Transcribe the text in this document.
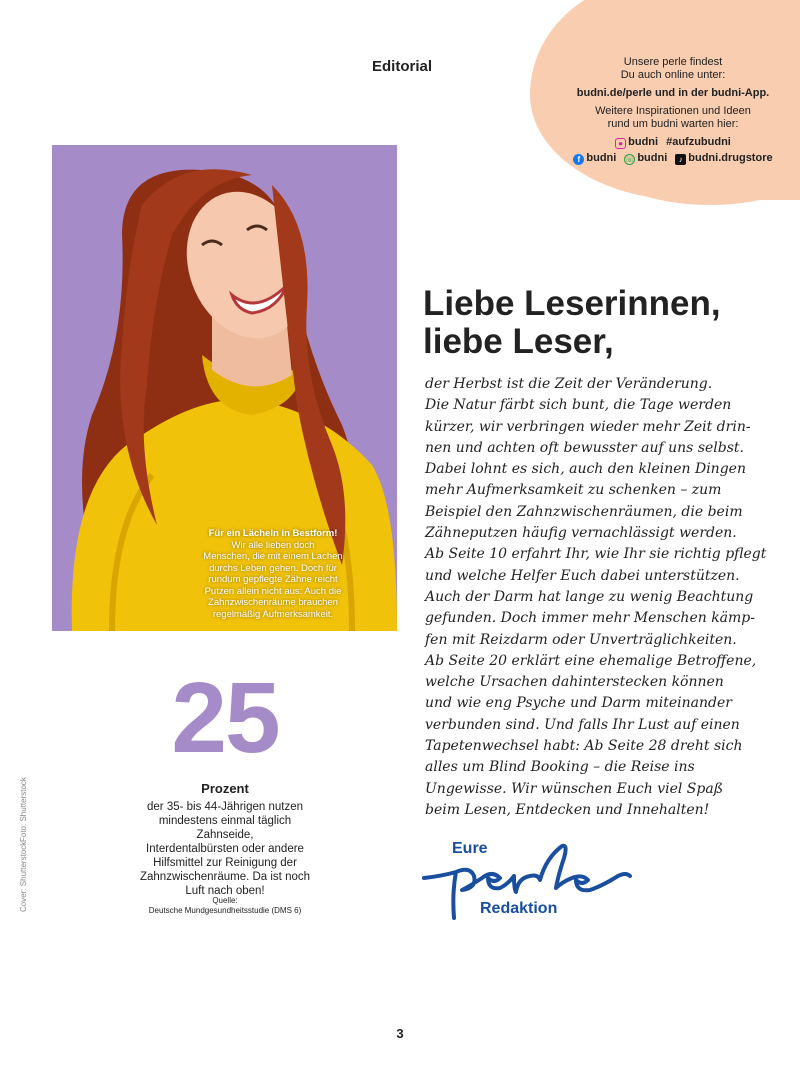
Unsere perle findest
Du auch online unter:

budni.de/perle und in der budni-App.

Weitere Inspirationen und Ideen
rund um budni warten hier:

● budni #aufzubudni
f budni ☏ budni	♪ budni.drugstore
Editorial
Für ein Lächeln in Bestform!
Wir alle lieben doch
Menschen, die mit einem Lachen
durchs Leben gehen. Doch für
rundum gepflegte Zähne reicht
Putzen allein nicht aus: Auch die
Zahnzwischenräume brauchen
regelmäßig Aufmerksamkeit.
25
Prozent
der 35- bis 44-Jährigen nutzen
mindestens einmal täglich Zahnseide,
Interdentalbürsten oder andere
Hilfsmittel zur Reinigung der
Zahnzwischenräume. Da ist noch
Luft nach oben!
Quelle:
Deutsche Mundgesundheitsstudie (DMS 6)
Foto: Shutterstock
Cover: Shutterstock
Liebe Leserinnen,
liebe Leser,
der Herbst ist die Zeit der Veränderung.
Die Natur färbt sich bunt, die Tage werden
kürzer, wir verbringen wieder mehr Zeit drin-
nen und achten oft bewusster auf uns selbst.
Dabei lohnt es sich, auch den kleinen Dingen
mehr Aufmerksamkeit zu schenken – zum
Beispiel den Zahnzwischenräumen, die beim
Zähneputzen häufig vernachlässigt werden.
Ab Seite 10 erfahrt Ihr, wie Ihr sie richtig pflegt
und welche Helfer Euch dabei unterstützen.
Auch der Darm hat lange zu wenig Beachtung
gefunden. Doch immer mehr Menschen kämp-
fen mit Reizdarm oder Unverträglichkeiten.
Ab Seite 20 erklärt eine ehemalige Betroffene,
welche Ursachen dahinterstecken können
und wie eng Psyche und Darm miteinander
verbunden sind. Und falls Ihr Lust auf einen
Tapetenwechsel habt: Ab Seite 28 dreht sich
alles um Blind Booking – die Reise ins
Ungewisse. Wir wünschen Euch viel Spaß
beim Lesen, Entdecken und Innehalten!
Eure
Redaktion
3
